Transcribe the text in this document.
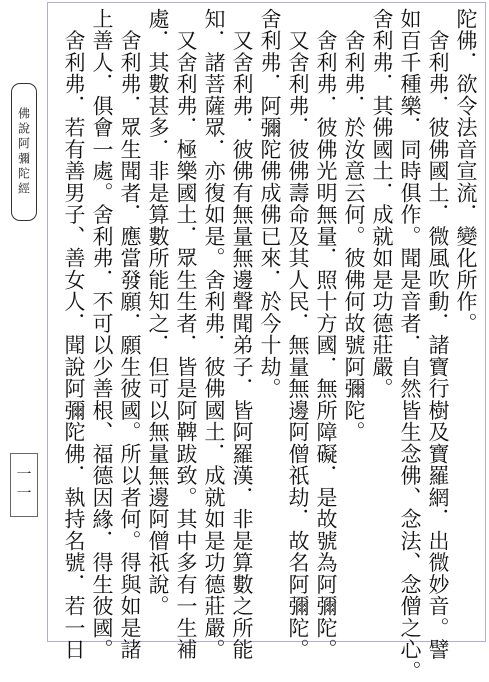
佛說阿彌陀經
一一
陀佛．欲令法音宣流．變化所作。
　舍利弗．彼佛國土．微風吹動．諸寶行樹及寶羅網．出微妙音。譬
如百千種樂．同時俱作。聞是音者．自然皆生念佛、念法、念僧之心。
舍利弗．其佛國土．成就如是功德莊嚴。
　舍利弗．於汝意云何。彼佛何故號阿彌陀。
　舍利弗．彼佛光明無量．照十方國．無所障礙．是故號為阿彌陀。
　又舍利弗．彼佛壽命及其人民．無量無邊阿僧祇劫．故名阿彌陀。
舍利弗．阿彌陀佛成佛已來．於今十劫。
　又舍利弗．彼佛有無量無邊聲聞弟子．皆阿羅漢．非是算數之所能
知．諸菩薩眾．亦復如是。舍利弗．彼佛國土．成就如是功德莊嚴。
　又舍利弗．極樂國土．眾生生者．皆是阿鞞跋致。其中多有一生補
處．其數甚多．非是算數所能知之．但可以無量無邊阿僧祇說。
　舍利弗．眾生聞者．應當發願．願生彼國。所以者何。得與如是諸
上善人．俱會一處。舍利弗．不可以少善根、福德因緣．得生彼國。
　舍利弗．若有善男子、善女人．聞說阿彌陀佛．執持名號．若一日
